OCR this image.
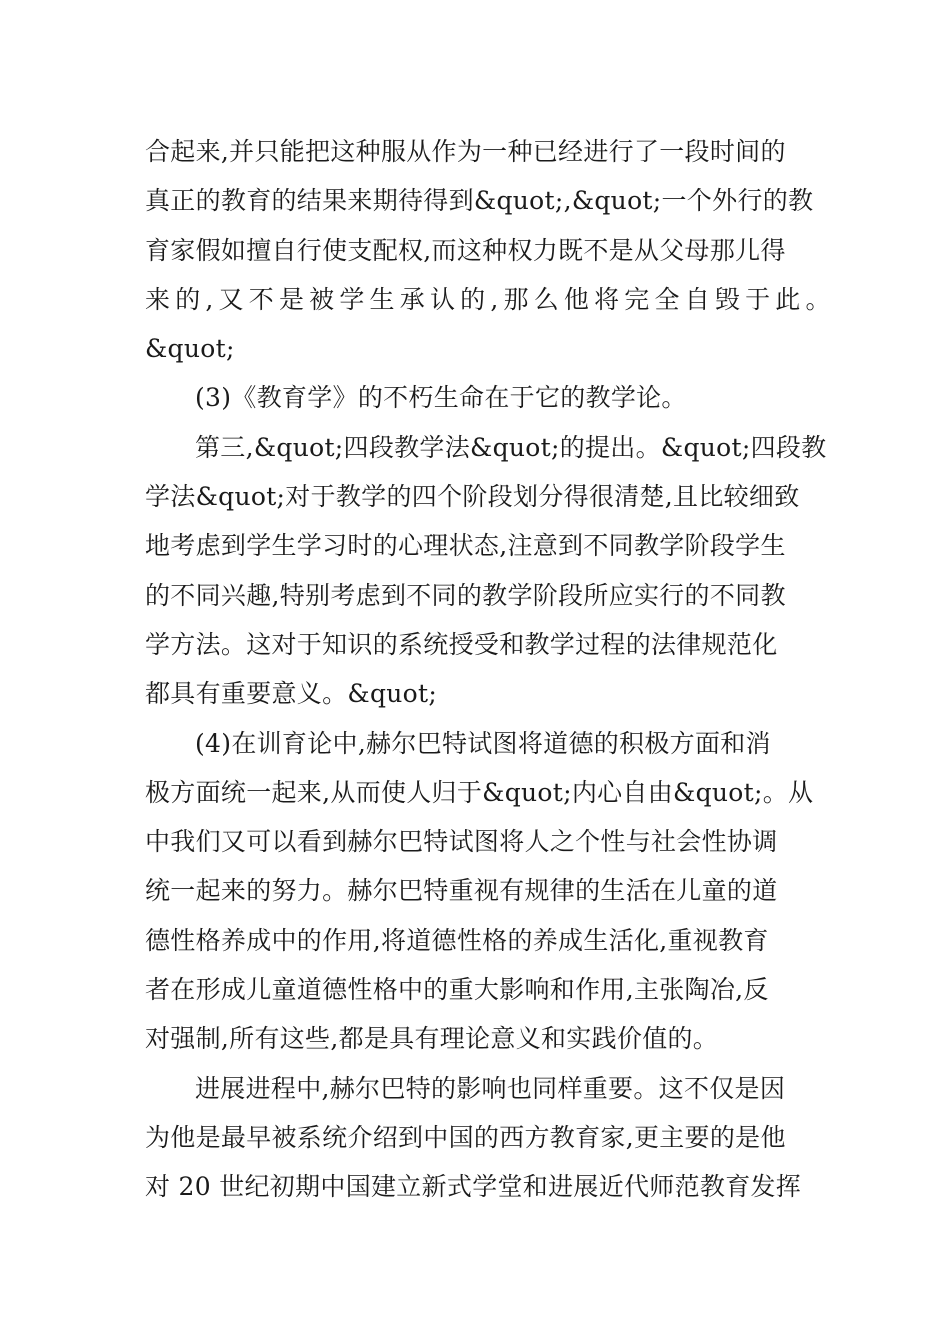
合起来,并只能把这种服从作为一种已经进行了一段时间的
真正的教育的结果来期待得到&quot;,&quot;一个外行的教
育家假如擅自行使支配权,而这种权力既不是从父母那儿得
来的,又不是被学生承认的,那么他将完全自毁于此。
&quot;
(3)《教育学》的不朽生命在于它的教学论。
第三,&quot;四段教学法&quot;的提出。&quot;四段教
学法&quot;对于教学的四个阶段划分得很清楚,且比较细致
地考虑到学生学习时的心理状态,注意到不同教学阶段学生
的不同兴趣,特别考虑到不同的教学阶段所应实行的不同教
学方法。这对于知识的系统授受和教学过程的法律规范化
都具有重要意义。&quot;
(4)在训育论中,赫尔巴特试图将道德的积极方面和消
极方面统一起来,从而使人归于&quot;内心自由&quot;。从
中我们又可以看到赫尔巴特试图将人之个性与社会性协调
统一起来的努力。赫尔巴特重视有规律的生活在儿童的道
德性格养成中的作用,将道德性格的养成生活化,重视教育
者在形成儿童道德性格中的重大影响和作用,主张陶冶,反
对强制,所有这些,都是具有理论意义和实践价值的。
进展进程中,赫尔巴特的影响也同样重要。这不仅是因
为他是最早被系统介绍到中国的西方教育家,更主要的是他
对 20 世纪初期中国建立新式学堂和进展近代师范教育发挥
